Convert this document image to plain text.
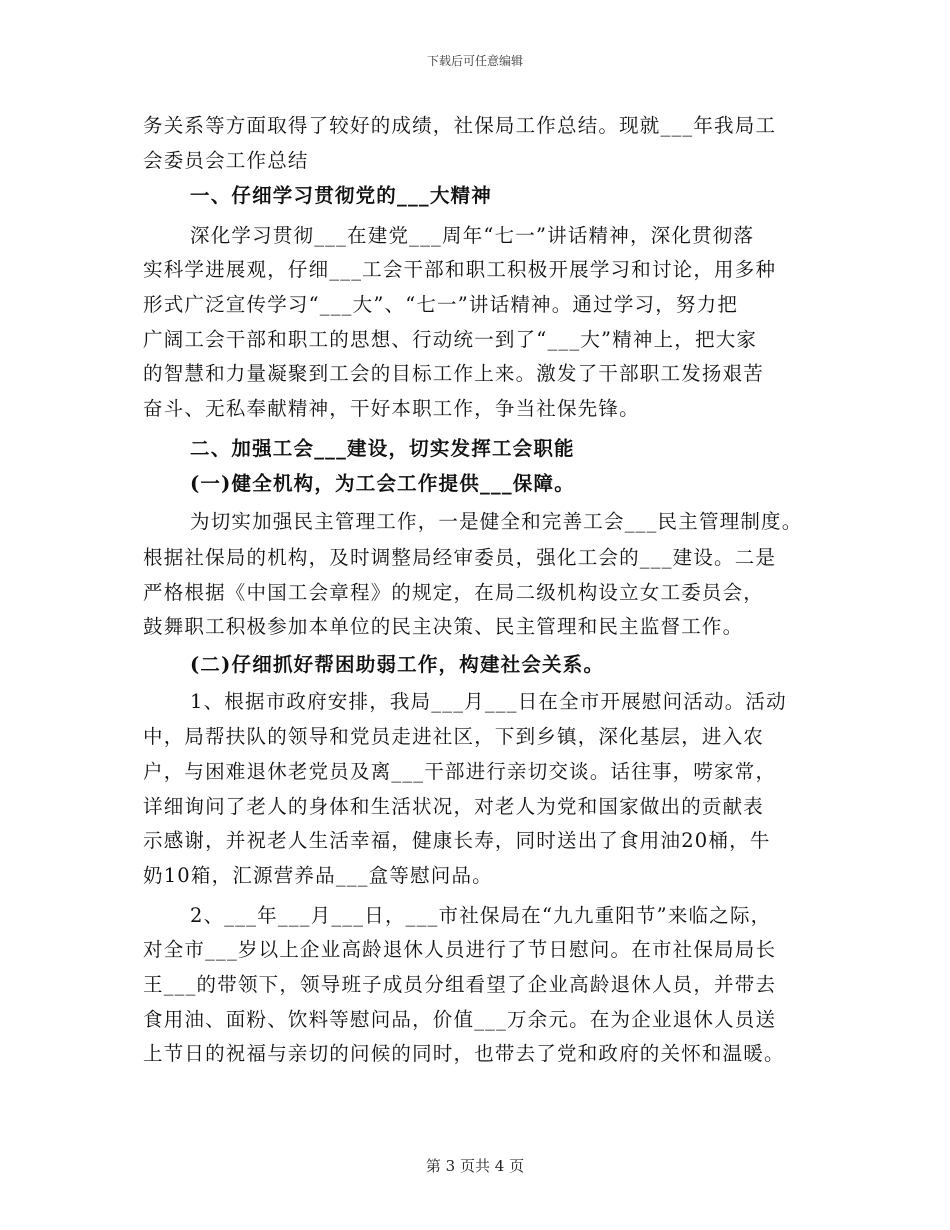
下载后可任意编辑
务关系等方面取得了较好的成绩，社保局工作总结。现就___年我局工
会委员会工作总结
一、仔细学习贯彻党的___大精神
深化学习贯彻___在建党___周年“七一”讲话精神，深化贯彻落
实科学进展观，仔细___工会干部和职工积极开展学习和讨论，用多种
形式广泛宣传学习“___大”、“七一”讲话精神。通过学习，努力把
广阔工会干部和职工的思想、行动统一到了“___大”精神上，把大家
的智慧和力量凝聚到工会的目标工作上来。激发了干部职工发扬艰苦
奋斗、无私奉献精神，干好本职工作，争当社保先锋。
二、加强工会___建设，切实发挥工会职能
(一)健全机构，为工会工作提供___保障。
为切实加强民主管理工作，一是健全和完善工会___民主管理制度。
根据社保局的机构，及时调整局经审委员，强化工会的___建设。二是
严格根据《中国工会章程》的规定，在局二级机构设立女工委员会，
鼓舞职工积极参加本单位的民主决策、民主管理和民主监督工作。
(二)仔细抓好帮困助弱工作，构建社会关系。
1、根据市政府安排，我局___月___日在全市开展慰问活动。活动
中，局帮扶队的领导和党员走进社区，下到乡镇，深化基层，进入农
户，与困难退休老党员及离___干部进行亲切交谈。话往事，唠家常，
详细询问了老人的身体和生活状况，对老人为党和国家做出的贡献表
示感谢，并祝老人生活幸福，健康长寿，同时送出了食用油20桶，牛
奶10箱，汇源营养品___盒等慰问品。
2、___年___月___日，___市社保局在“九九重阳节”来临之际，
对全市___岁以上企业高龄退休人员进行了节日慰问。在市社保局局长
王___的带领下，领导班子成员分组看望了企业高龄退休人员，并带去
食用油、面粉、饮料等慰问品，价值___万余元。在为企业退休人员送
上节日的祝福与亲切的问候的同时，也带去了党和政府的关怀和温暖。
第 3 页共 4 页
